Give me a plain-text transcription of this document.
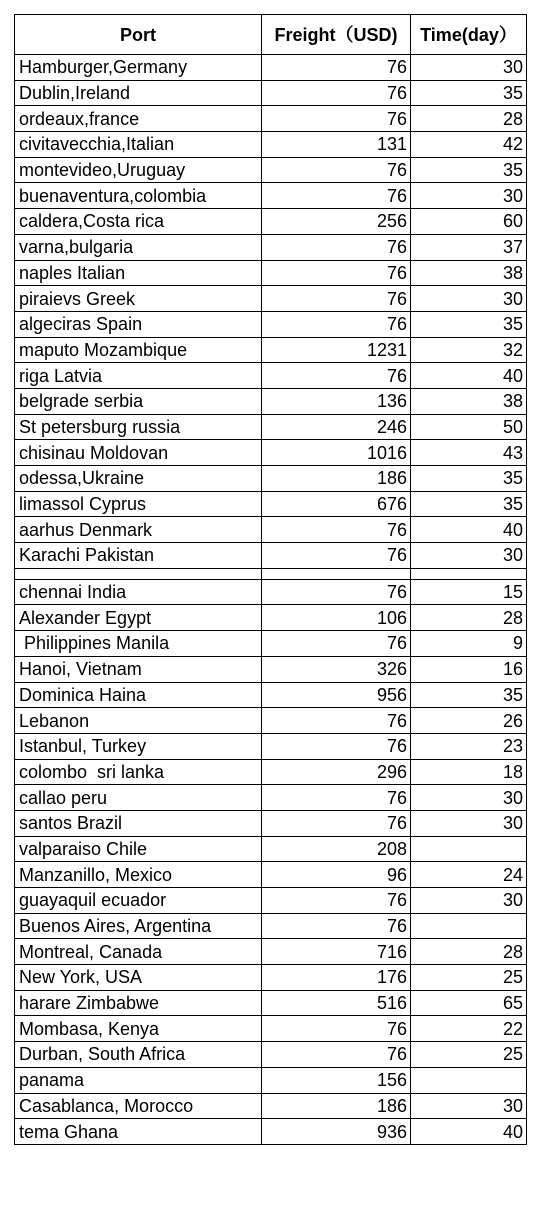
Port	Freight（USD)	Time(day）
Hamburger,Germany	76	30
Dublin,Ireland	76	35
ordeaux,france	76	28
civitavecchia,Italian	131	42
montevideo,Uruguay	76	35
buenaventura,colombia	76	30
caldera,Costa rica	256	60
varna,bulgaria	76	37
naples Italian	76	38
piraievs Greek	76	30
algeciras Spain	76	35
maputo Mozambique	1231	32
riga Latvia	76	40
belgrade serbia	136	38
St petersburg russia	246	50
chisinau Moldovan	1016	43
odessa,Ukraine	186	35
limassol Cyprus	676	35
aarhus Denmark	76	40
Karachi Pakistan	76	30

chennai India	76	15
Alexander Egypt	106	28
Philippines Manila	76	9
Hanoi, Vietnam	326	16
Dominica Haina	956	35
Lebanon	76	26
Istanbul, Turkey	76	23
colombo  sri lanka	296	18
callao peru	76	30
santos Brazil	76	30
valparaiso Chile	208	
Manzanillo, Mexico	96	24
guayaquil ecuador	76	30
Buenos Aires, Argentina	76	
Montreal, Canada	716	28
New York, USA	176	25
harare Zimbabwe	516	65
Mombasa, Kenya	76	22
Durban, South Africa	76	25
panama	156	
Casablanca, Morocco	186	30
tema Ghana	936	40
